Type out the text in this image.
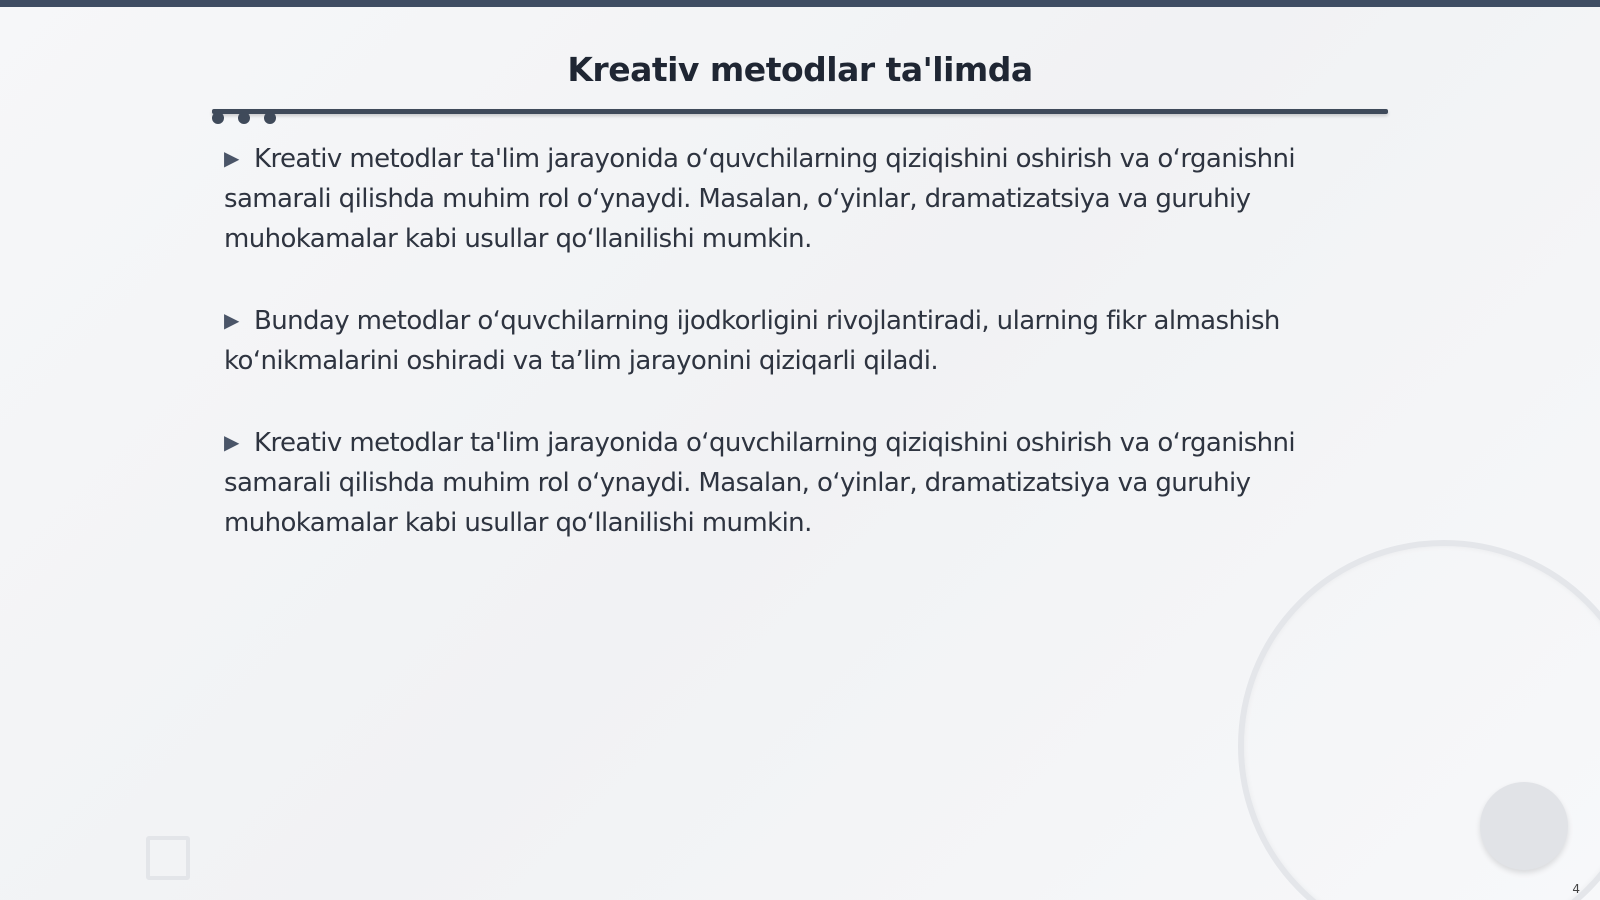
Kreativ metodlar ta'limda

▶ Kreativ metodlar ta'lim jarayonida oʻquvchilarning qiziqishini oshirish va oʻrganishni samarali qilishda muhim rol oʻynaydi. Masalan, oʻyinlar, dramatizatsiya va guruhiy muhokamalar kabi usullar qoʻllanilishi mumkin.

▶ Bunday metodlar oʻquvchilarning ijodkorligini rivojlantiradi, ularning fikr almashish koʻnikmalarini oshiradi va ta’lim jarayonini qiziqarli qiladi.

▶ Kreativ metodlar ta'lim jarayonida oʻquvchilarning qiziqishini oshirish va oʻrganishni samarali qilishda muhim rol oʻynaydi. Masalan, oʻyinlar, dramatizatsiya va guruhiy muhokamalar kabi usullar qoʻllanilishi mumkin.

4
